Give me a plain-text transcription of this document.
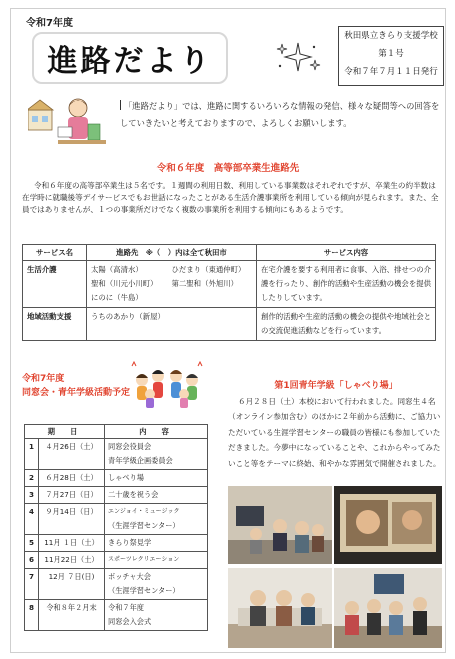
令和7年度
進路だより
秋田県立きらり支援学校
第１号
令和７年７月１１日発行
「進路だより」では、進路に関するいろいろな情報の発信、様々な疑問等への回答をしていきたいと考えておりますので、よろしくお願いします。
令和６年度　高等部卒業生進路先
令和６年度の高等部卒業生は５名です。１週間の利用日数、利用している事業数はそれぞれですが、卒業生の約半数は在学時に就職後等デイサービスでもお世話になったことがある生活介護事業所を利用している傾向が見られます。また、全員ではありませんが、１つの事業所だけでなく複数の事業所を利用する傾向にもあるようです。
サービス名	進路先　※（　）内は全て秋田市	サービス内容
生活介護	太陽（高清水） ひだまり（東通仲町）
聖和（川元小川町） 第二聖和（外旭川）
にのに（牛島）	在宅介護を要する利用者に食事、入浴、排せつの介護を行ったり、創作的活動や生産活動の機会を提供したりしています。
地域活動支援	うちのあかり（新屋）	創作的活動や生産的活動の機会の提供や地域社会との交流促進活動などを行っています。
令和7年度
同窓会・青年学級活動予定
期　日		内　容
1	４月26日（土）	同窓会役員会
青年学級企画委員会

2	６月28日（土）	しゃべり場

3	７月27日（日）	二十歳を祝う会

4	９月14日（日）	エンジョイ・ミュージック
（生涯学習センター）

5	11月 １日（土）	きらり祭見学

6	11月22日（土）	スポーツレクリエーション

7	12月 ７日(日)	ボッチャ大会
（生涯学習センター）

8	令和８年２月末	令和７年度
同窓会入会式
第1回青年学級「しゃべり場」
６月２８日（土）本校において行われました。同窓生４名（オンライン参加含む）のほかに２年前から活動に、ご協力いただいている生涯学習センターの職員の皆様にも参加していただきました。今夢中になっていることや、これからやってみたいこと等をテーマに終始、和やかな雰囲気で開催されました。
